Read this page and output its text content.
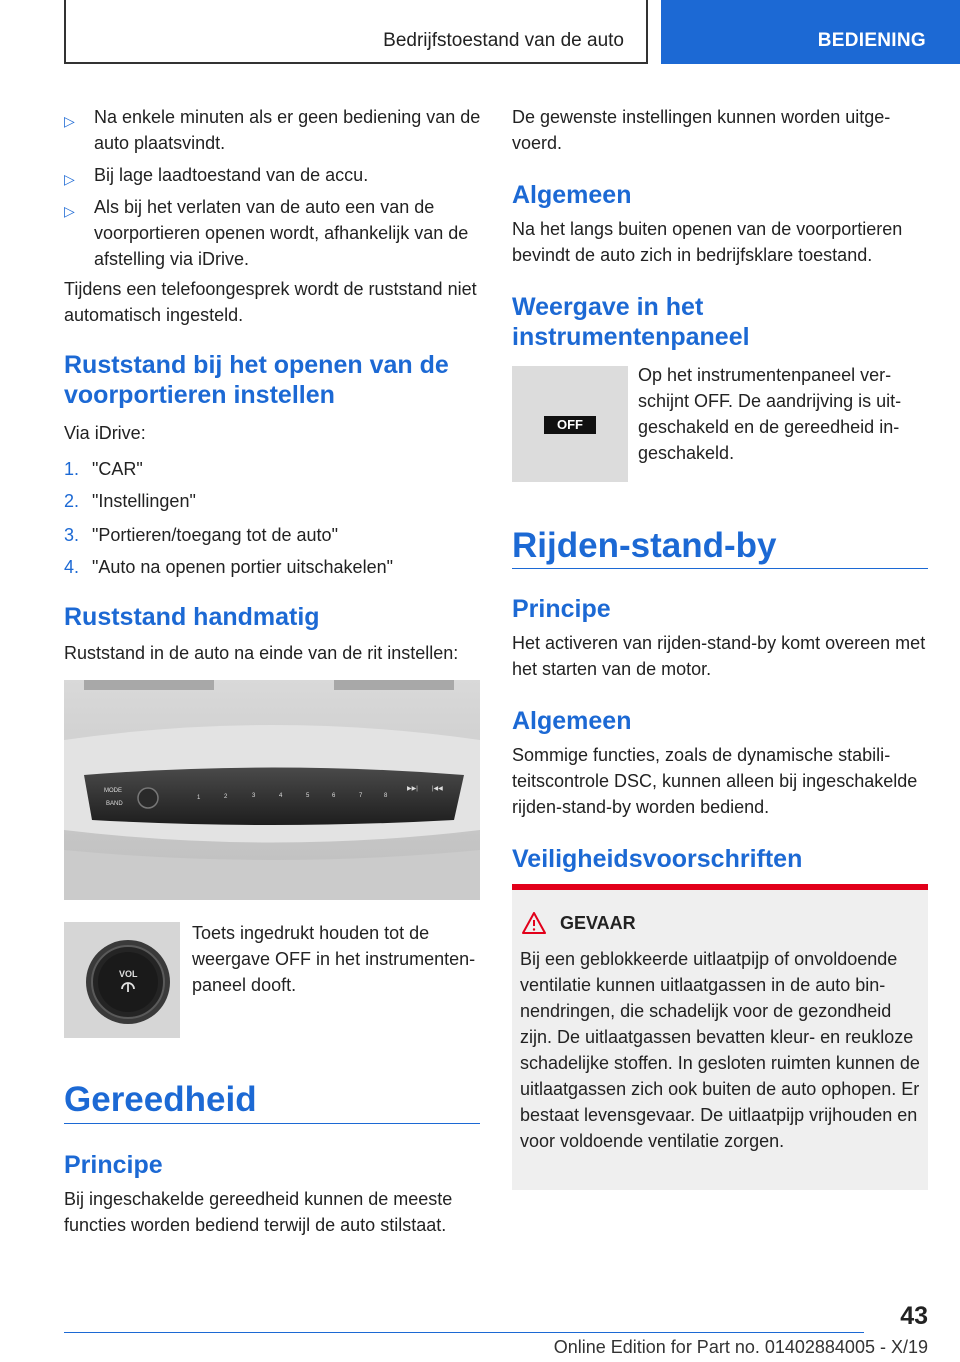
Bedrijfstoestand van de auto	BEDIENING
▷ Na enkele minuten als er geen bediening van de auto plaatsvindt.
▷ Bij lage laadtoestand van de accu.
▷ Als bij het verlaten van de auto een van de voorportieren openen wordt, afhankelijk van de afstelling via iDrive.

Tijdens een telefoongesprek wordt de ruststand niet automatisch ingesteld.

Ruststand bij het openen van de voorportieren instellen

Via iDrive:

1. "CAR"
2. "Instellingen"
3. "Portieren/toegang tot de auto"
4. "Auto na openen portier uitschakelen"
Ruststand handmatig

Ruststand in de auto na einde van de rit instellen:

MODE
BAND
1	2	3	4	5	6	7	8
▶▶| |◀◀
VOL

Toets ingedrukt houden tot de weergave OFF in het instrumentenpaneel dooft.

Gereedheid
Principe

Bij ingeschakelde gereedheid kunnen de meeste functies worden bediend terwijl de auto stilstaat.

De gewenste instellingen kunnen worden uitgevoerd.

Algemeen

Na het langs buiten openen van de voorportieren bevindt de auto zich in bedrijfsklare toestand.

Weergave in het instrumentenpaneel
OFF

Op het instrumentenpaneel verschijnt OFF. De aandrijving is uitgeschakeld en de gereedheid ingeschakeld.

Rijden-stand-by
Principe

Het activeren van rijden-stand-by komt overeen met het starten van de motor.

Algemeen

Sommige functies, zoals de dynamische stabiliteitscontrole DSC, kunnen alleen bij ingeschakelde rijden-stand-by worden bediend.

Veiligheidsvoorschriften
GEVAAR

Bij een geblokkeerde uitlaatpijp of onvoldoende ventilatie kunnen uitlaatgassen in de auto binnendringen, die schadelijk voor de gezondheid zijn. De uitlaatgassen bevatten kleur- en reukloze schadelijke stoffen. In gesloten ruimten kunnen de uitlaatgassen zich ook buiten de auto ophopen. Er bestaat levensgevaar. De uitlaatpijp vrijhouden en voor voldoende ventilatie zorgen.

43
Online Edition for Part no. 01402884005 - X/19
